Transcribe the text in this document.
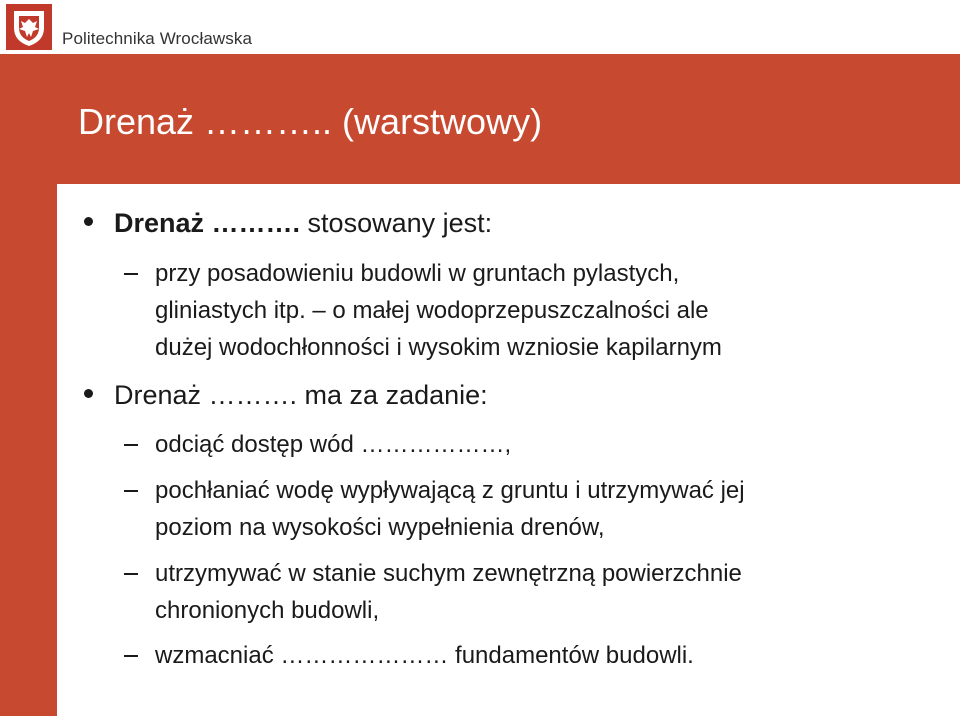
Politechnika Wrocławska
Drenaż ……….. (warstwowy)
Drenaż ………. stosowany jest:
przy posadowieniu budowli w gruntach pylastych,
gliniastych itp. – o małej wodoprzepuszczalności ale
dużej wodochłonności i wysokim wzniosie kapilarnym
Drenaż ………. ma za zadanie:
odciąć dostęp wód ………………,
pochłaniać wodę wypływającą z gruntu i utrzymywać jej
poziom na wysokości wypełnienia drenów,
utrzymywać w stanie suchym zewnętrzną powierzchnie
chronionych budowli,
wzmacniać ………………… fundamentów budowli.
